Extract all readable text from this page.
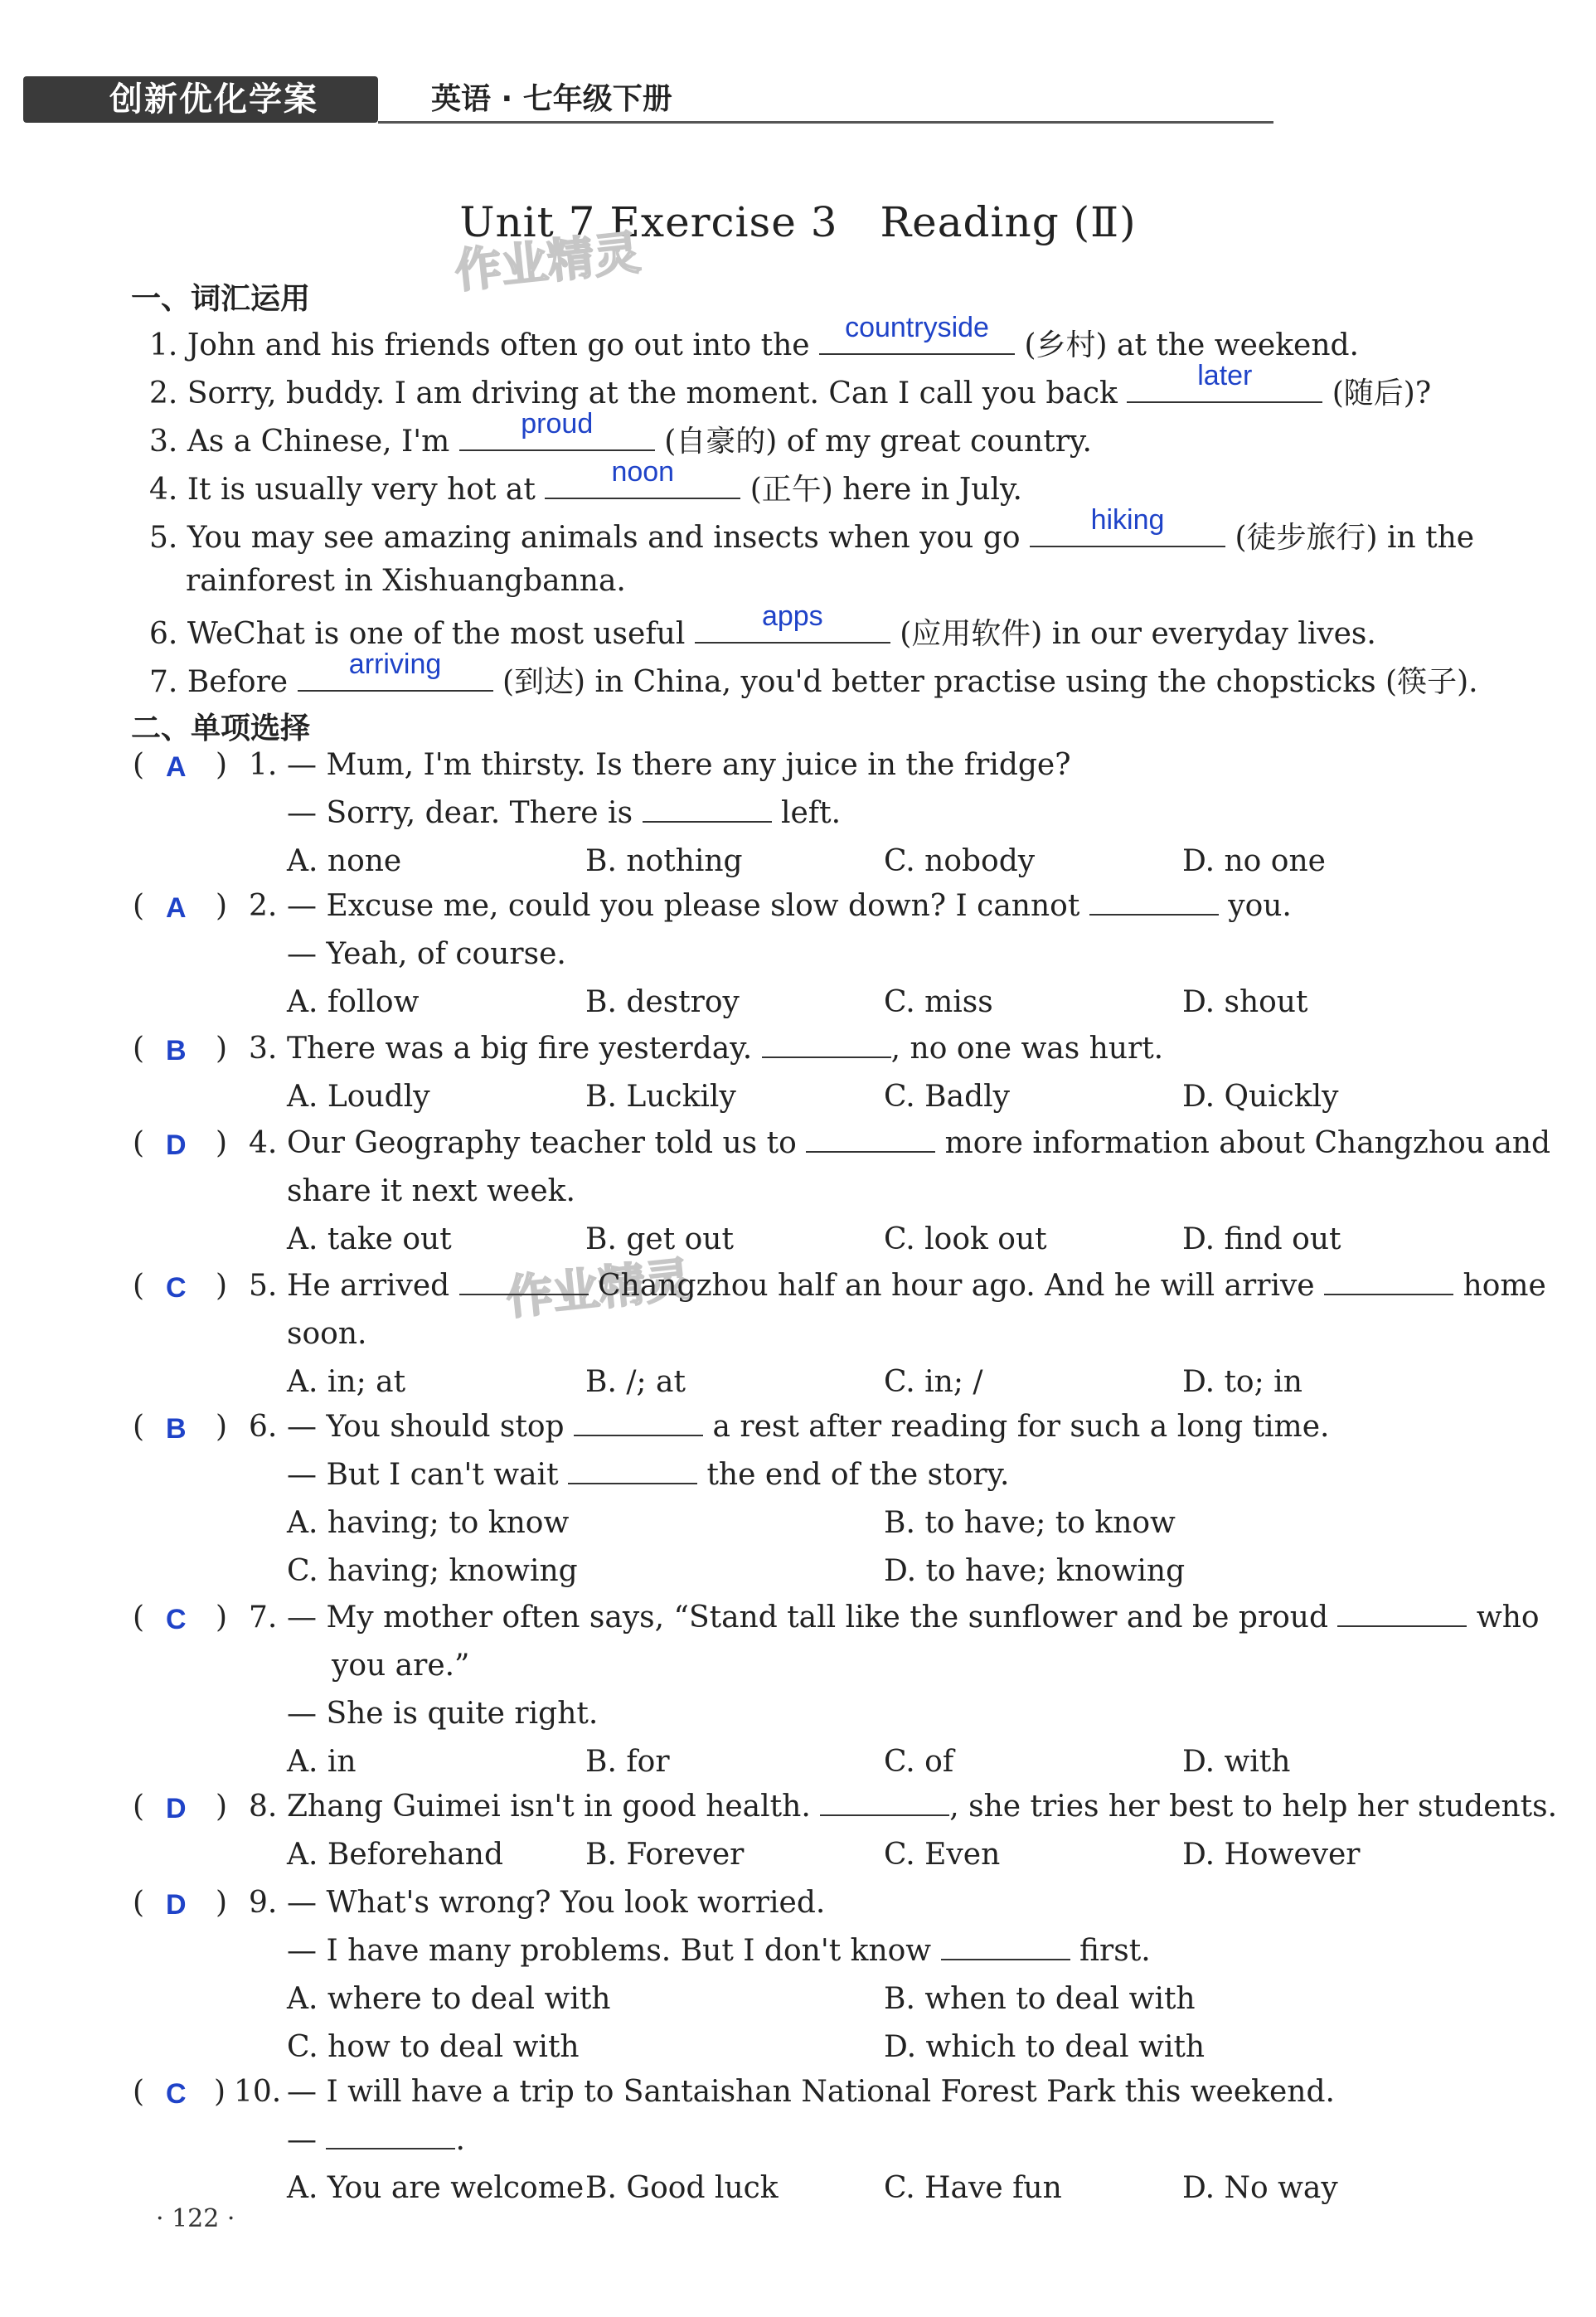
创新优化学案	英语 · 七年级下册
Unit 7 Exercise 3　Reading (Ⅱ)
作业精灵
作业精灵
一、词汇运用
1. John and his friends often go out into the
countryside
(乡村) at the weekend.
2. Sorry, buddy. I am driving at the moment. Can I call you back
later
(随后)?
3. As a Chinese, I'm
proud
(自豪的) of my great country.
4. It is usually very hot at
noon
(正午) here in July.
5. You may see amazing animals and insects when you go
hiking
(徒步旅行) in the
rainforest in Xishuangbanna.
6. WeChat is one of the most useful
apps
(应用软件) in our everyday lives.
7. Before
arriving
(到达) in China, you'd better practise using the chopsticks (筷子).
二、单项选择
( A ) 1. — Mum, I'm thirsty. Is there any juice in the fridge?
— Sorry, dear. There is	left.
A. none	B. nothing	C. nobody	D. no one
( A ) 2. — Excuse me, could you please slow down? I cannot	you.
— Yeah, of course.
A. follow	B. destroy	C. miss	D. shout
( B ) 3. There was a big fire yesterday.	, no one was hurt.
A. Loudly	B. Luckily	C. Badly	D. Quickly
( D ) 4. Our Geography teacher told us to	more information about Changzhou and
share it next week.
A. take out	B. get out	C. look out	D. find out
( C ) 5. He arrived	Changzhou half an hour ago. And he will arrive	home
soon.
A. in; at	B. /; at	C. in; /	D. to; in
( B ) 6. — You should stop	a rest after reading for such a long time.
— But I can't wait	the end of the story.
A. having; to know	B. to have; to know
C. having; knowing	D. to have; knowing
( C ) 7. — My mother often says, “Stand tall like the sunflower and be proud	who
you are.”
— She is quite right.
A. in	B. for	C. of	D. with
( D ) 8. Zhang Guimei isn't in good health.	, she tries her best to help her students.
A. Beforehand	B. Forever	C. Even	D. However
( D ) 9. — What's wrong? You look worried.
— I have many problems. But I don't know	first.
A. where to deal with	B. when to deal with
C. how to deal with	D. which to deal with
( C ) 10. — I will have a trip to Santaishan National Forest Park this weekend.
—	.
A. You are welcome B. Good luck	C. Have fun	D. No way
· 122 ·
